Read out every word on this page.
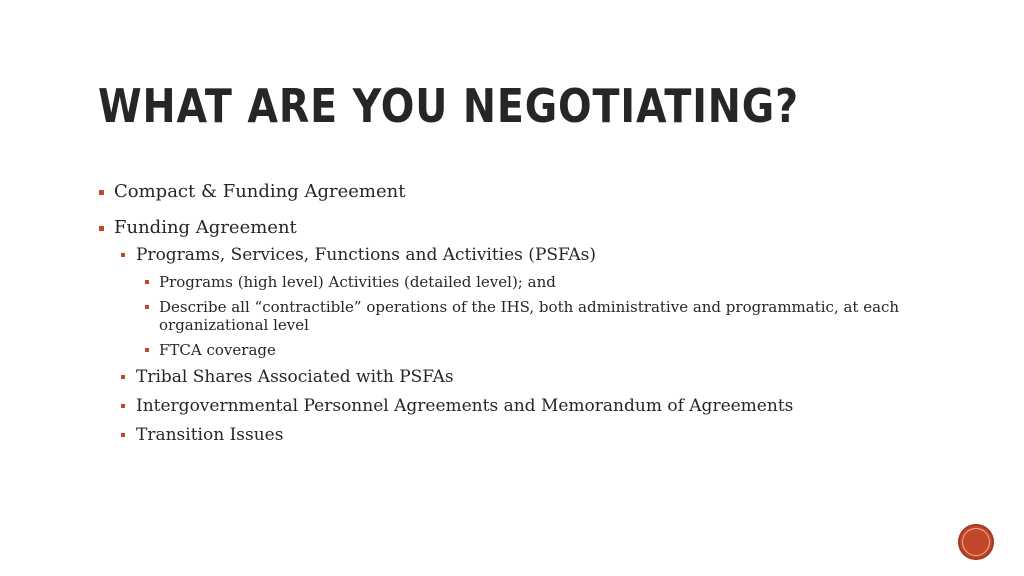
WHAT ARE YOU NEGOTIATING?
Compact & Funding Agreement
Funding Agreement
Programs, Services, Functions and Activities (PSFAs)
Programs (high level) Activities (detailed level); and
Describe all “contractible” operations of the IHS, both administrative and programmatic, at each organizational level
FTCA coverage
Tribal Shares Associated with PSFAs
Intergovernmental Personnel Agreements and Memorandum of Agreements
Transition Issues
